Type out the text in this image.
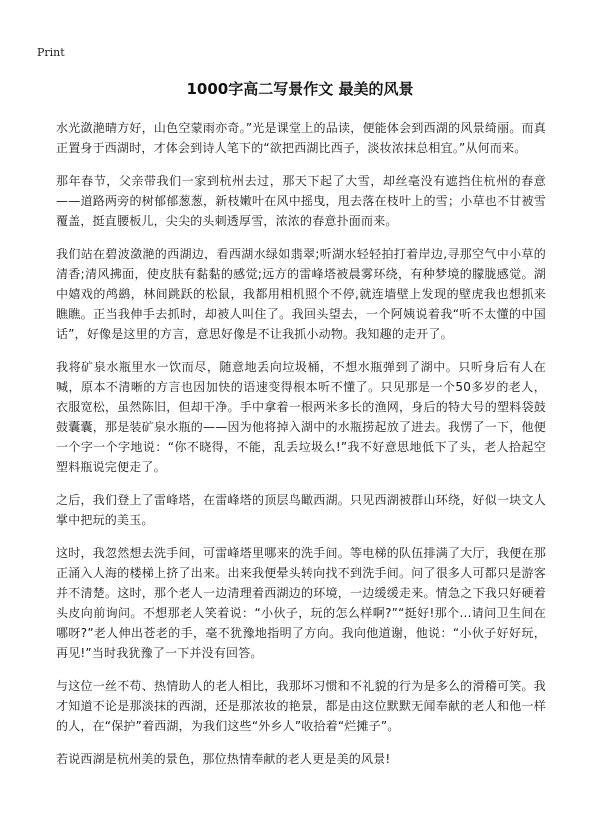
Print
1000字高二写景作文 最美的风景

水光潋滟晴方好，山色空蒙雨亦奇。”光是课堂上的品读，便能体会到西湖的风景绮丽。而真正置身于西湖时，才体会到诗人笔下的“欲把西湖比西子，淡妆浓抹总相宜。”从何而来。

那年春节，父亲带我们一家到杭州去过，那天下起了大雪，却丝毫没有遮挡住杭州的春意——道路两旁的树郁郁葱葱，新枝嫩叶在风中摇曳，甩去落在枝叶上的雪；小草也不甘被雪覆盖，挺直腰板儿，尖尖的头刺透厚雪，浓浓的春意扑面而来。

我们站在碧波潋滟的西湖边，看西湖水绿如翡翠;听湖水轻轻拍打着岸边,寻那空气中小草的清香;清风拂面，使皮肤有黏黏的感觉;远方的雷峰塔被晨雾环绕，有种梦境的朦胧感觉。湖中嬉戏的鸬鹚，林间跳跃的松鼠，我都用相机照个不停,就连墙壁上发现的壁虎我也想抓来瞧瞧。正当我伸手去抓时，却被人叫住了。我回头望去，一个阿姨说着我“听不太懂的中国话”，好像是这里的方言，意思好像是不让我抓小动物。我知趣的走开了。

我将矿泉水瓶里水一饮而尽，随意地丢向垃圾桶，不想水瓶弹到了湖中。只听身后有人在喊，原本不清晰的方言也因加快的语速变得根本听不懂了。只见那是一个50多岁的老人，衣服宽松，虽然陈旧，但却干净。手中拿着一根两米多长的渔网，身后的特大号的塑料袋鼓鼓囊囊，那是装矿泉水瓶的——因为他将掉入湖中的水瓶捞起放了进去。我愣了一下，他便一个字一个字地说：“你不晓得，不能，乱丢垃圾么!”我不好意思地低下了头，老人拾起空塑料瓶说完便走了。

之后，我们登上了雷峰塔，在雷峰塔的顶层鸟瞰西湖。只见西湖被群山环绕，好似一块文人掌中把玩的美玉。

这时，我忽然想去洗手间，可雷峰塔里哪来的洗手间。等电梯的队伍排满了大厅，我便在那正涌入人海的楼梯上挤了出来。出来我便晕头转向找不到洗手间。问了很多人可都只是游客并不清楚。这时，那个老人一边清理着西湖边的环境，一边缓缓走来。情急之下我只好硬着头皮向前询问。不想那老人笑着说：“小伙子，玩的怎么样啊?”“挺好!那个...请问卫生间在哪呀?”老人伸出苍老的手，毫不犹豫地指明了方向。我向他道谢，他说：“小伙子好好玩，再见!”当时我犹豫了一下并没有回答。

与这位一丝不苟、热情助人的老人相比，我那坏习惯和不礼貌的行为是多么的滑稽可笑。我才知道不论是那淡抹的西湖，还是那浓妆的艳景，都是由这位默默无闻奉献的老人和他一样的人，在“保护”着西湖，为我们这些“外乡人”收拾着“烂摊子”。

若说西湖是杭州美的景色，那位热情奉献的老人更是美的风景!
